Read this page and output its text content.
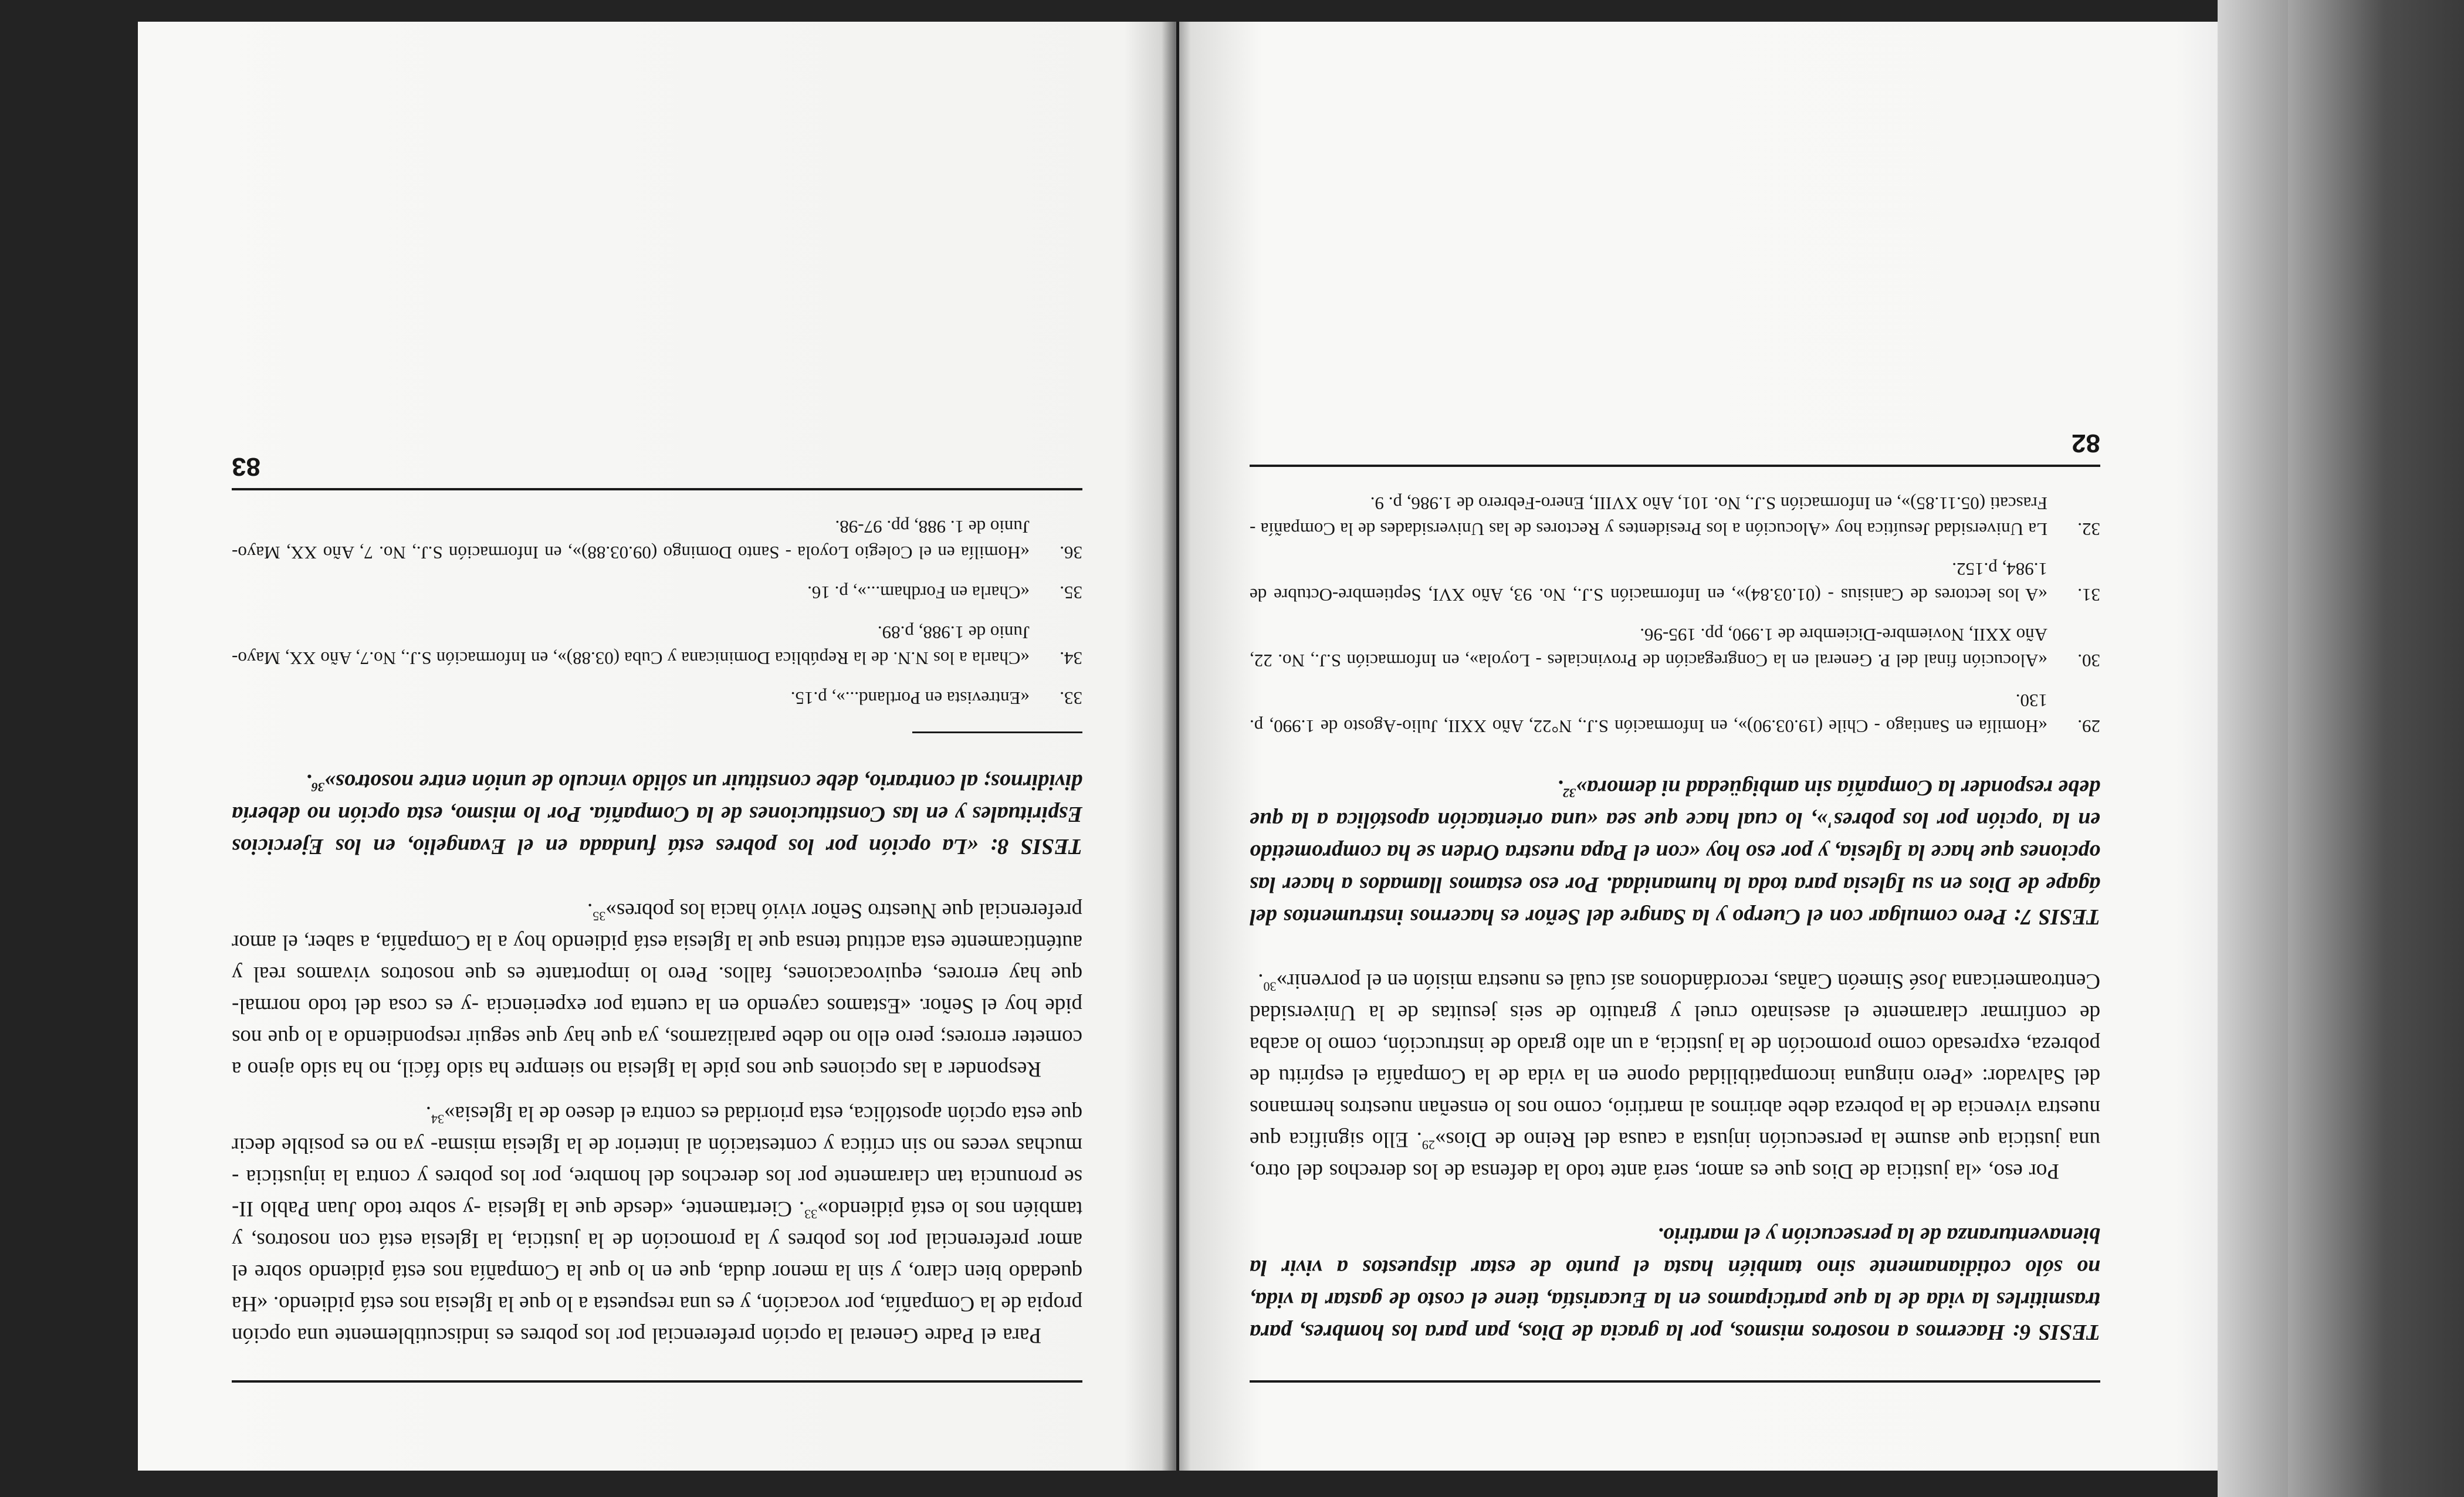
TESIS 6: Hacernos a nosotros mismos, por la gracia de Dios, pan para los hombres, para trasmitirles la vida de la que participamos en la Eucaristía, tiene el costo de gastar la vida, no sólo cotidianamente sino también hasta el punto de estar dispuestos a vivir la bienaventuranza de la persecución y el martirio.

Por eso, «la justicia de Dios que es amor, será ante todo la defensa de los derechos del otro, una justicia que asume la persecución injusta a causa del Reino de Dios»$^{29}$. Ello significa que nuestra vivencia de la pobreza debe abrirnos al martirio, como nos lo enseñan nuestros hermanos del Salvador: «Pero ninguna incompatibilidad opone en la vida de la Compañía el espíritu de pobreza, expresado como promoción de la justicia, a un alto grado de instrucción, como lo acaba de confirmar claramente el asesinato cruel y gratuito de seis jesuitas de la Universidad Centroamericana José Simeón Cañas, recordándonos así cuál es nuestra misión en el porvenir»$^{30}$.

TESIS 7: Pero comulgar con el Cuerpo y la Sangre del Señor es hacernos instrumentos del ágape de Dios en su Iglesia para toda la humanidad. Por eso estamos llamados a hacer las opciones que hace la Iglesia, y por eso hoy «con el Papa nuestra Orden se ha comprometido en la 'opción por los pobres'», lo cual hace que sea «una orientación apostólica a la que debe responder la Compañía sin ambigüedad ni demora»$^{32}$.

29.
«Homilía en Santiago - Chile (19.03.90)», en Información S.J., N°22, Año XXII, Julio-Agosto de 1.990, p. 130.
30.
«Alocución final del P. General en la Congregación de Provinciales - Loyola», en Información S.J., No. 22, Año XXII, Noviembre-Diciembre de 1.990, pp. 195-96.
31.
«A los lectores de Canisius - (01.03.84)», en Información S.J., No. 93, Año XVI, Septiembre-Octubre de 1.984, p.152.
32.
La Universidad Jesuítica hoy «Alocución a los Presidentes y Rectores de las Universidades de la Compañía - Frascati (05.11.85)», en Información S.J., No. 101, Año XVIII, Enero-Febrero de 1.986, p. 9.
82

Para el Padre General la opción preferencial por los pobres es indiscutiblemente una opción propia de la Compañía, por vocación, y es una respuesta a lo que la Iglesia nos está pidiendo. «Ha quedado bien claro, y sin la menor duda, que en lo que la Compañía nos está pidiendo sobre el amor preferencial por los pobres y la promoción de la justicia, la Iglesia está con nosotros, y también nos lo está pidiendo»$^{33}$. Ciertamente, «desde que la Iglesia -y sobre todo Juan Pablo II- se pronuncia tan claramente por los derechos del hombre, por los pobres y contra la injusticia -muchas veces no sin crítica y contestación al interior de la Iglesia misma- ya no es posible decir que esta opción apostólica, esta prioridad es contra el deseo de la Iglesia»$^{34}$.

Responder a las opciones que nos pide la Iglesia no siempre ha sido fácil, no ha sido ajeno a cometer errores; pero ello no debe paralizarnos, ya que hay que seguir respondiendo a lo que nos pide hoy el Señor. «Estamos cayendo en la cuenta por experiencia -y es cosa del todo normal- que hay errores, equivocaciones, fallos. Pero lo importante es que nosotros vivamos real y auténticamente esta actitud tensa que la Iglesia está pidiendo hoy a la Compañía, a saber, el amor preferencial que Nuestro Señor vivió hacia los pobres»$^{35}$.

TESIS 8: «La opción por los pobres está fundada en el Evangelio, en los Ejercicios Espirituales y en las Constituciones de la Compañía. Por lo mismo, esta opción no debería dividirnos; al contrario, debe constituir un sólido vínculo de unión entre nosotros»$^{36}$.

33.
«Entrevista en Portland...», p.15.
34.
«Charla a los N.N. de la República Dominicana y Cuba (03.88)», en Información S.J., No.7, Año XX, Mayo-Junio de 1.988, p.89.
35.
«Charla en Fordham...», p. 16.
36.
«Homilía en el Colegio Loyola - Santo Domingo (09.03.88)», en Información S.J., No. 7, Año XX, Mayo-Junio de 1. 988, pp. 97-98.
83
